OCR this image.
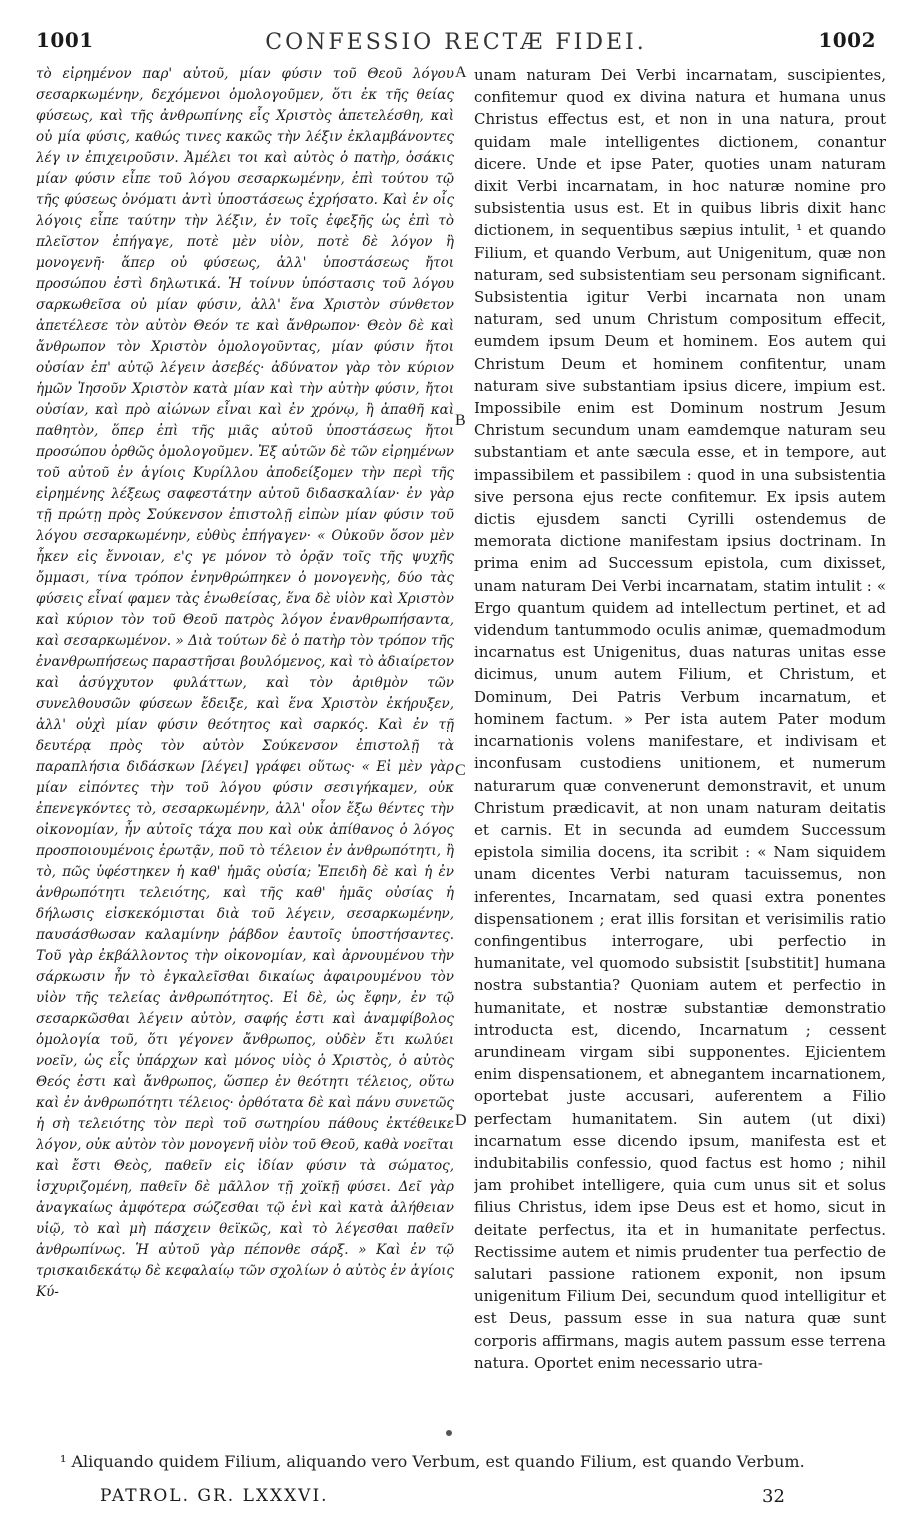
1001	CONFESSIO RECTÆ FIDEI.	1002

τὸ εἰρημένον παρ' αὐτοῦ, μίαν φύσιν τοῦ Θεοῦ λόγου σεσαρκωμένην, δεχόμενοι ὁμολογοῦμεν, ὅτι ἐκ τῆς θείας φύσεως, καὶ τῆς ἀνθρωπίνης εἷς Χριστὸς ἀπετελέσθη, καὶ οὐ μία φύσις, καθώς τινες κακῶς τὴν λέξιν ἐκλαμβάνοντες λέγ ιν ἐπιχειροῦσιν. Ἀμέλει τοι καὶ αὐτὸς ὁ πατὴρ, ὁσάκις μίαν φύσιν εἶπε τοῦ λόγου σεσαρκωμένην, ἐπὶ τούτου τῷ τῆς φύσεως ὀνόματι ἀντὶ ὑποστάσεως ἐχρήσατο. Καὶ ἐν οἷς λόγοις εἶπε ταύτην τὴν λέξιν, ἐν τοῖς ἐφεξῆς ὡς ἐπὶ τὸ πλεῖστον ἐπήγαγε, ποτὲ μὲν υἱὸν, ποτὲ δὲ λόγον ἢ μονογενῆ· ἅπερ οὐ φύσεως, ἀλλ' ὑποστάσεως ἤτοι προσώπου ἐστὶ δηλωτικά. Ἡ τοίνυν ὑπόστασις τοῦ λόγου σαρκωθεῖσα οὐ μίαν φύσιν, ἀλλ' ἕνα Χριστὸν σύνθετον ἀπετέλεσε τὸν αὐτὸν Θεόν τε καὶ ἄνθρωπον· Θεὸν δὲ καὶ ἄνθρωπον τὸν Χριστὸν ὁμολογοῦντας, μίαν φύσιν ἤτοι οὐσίαν ἐπ' αὐτῷ λέγειν ἀσεβές· ἀδύνατον γὰρ τὸν κύριον ἡμῶν Ἰησοῦν Χριστὸν κατὰ μίαν καὶ τὴν αὐτὴν φύσιν, ἤτοι οὐσίαν, καὶ πρὸ αἰώνων εἶναι καὶ ἐν χρόνῳ, ἢ ἀπαθῆ καὶ παθητὸν, ὅπερ ἐπὶ τῆς μιᾶς αὐτοῦ ὑποστάσεως ἤτοι προσώπου ὀρθῶς ὁμολογοῦμεν. Ἐξ αὐτῶν δὲ τῶν εἰρημένων τοῦ αὐτοῦ ἐν ἁγίοις Κυρίλλου ἀποδείξομεν τὴν περὶ τῆς εἰρημένης λέξεως σαφεστάτην αὐτοῦ διδασκαλίαν· ἐν γὰρ τῇ πρώτῃ πρὸς Σούκενσον ἐπιστολῇ εἰπὼν μίαν φύσιν τοῦ λόγου σεσαρκωμένην, εὐθὺς ἐπήγαγεν· « Οὐκοῦν ὅσον μὲν ἧκεν εἰς ἔννοιαν, ε'ς γε μόνον τὸ ὁρᾷν τοῖς τῆς ψυχῆς ὄμμασι, τίνα τρόπον ἐνηνθρώπηκεν ὁ μονογενὴς, δύο τὰς φύσεις εἶναί φαμεν τὰς ἑνωθείσας, ἕνα δὲ υἱὸν καὶ Χριστὸν καὶ κύριον τὸν τοῦ Θεοῦ πατρὸς λόγον ἐνανθρωπήσαντα, καὶ σεσαρκωμένον. » Διὰ τούτων δὲ ὁ πατὴρ τὸν τρόπον τῆς ἐνανθρωπήσεως παραστῆσαι βουλόμενος, καὶ τὸ ἀδιαίρετον καὶ ἀσύγχυτον φυλάττων, καὶ τὸν ἀριθμὸν τῶν συνελθουσῶν φύσεων ἔδειξε, καὶ ἕνα Χριστὸν ἐκήρυξεν, ἀλλ' οὐχὶ μίαν φύσιν θεότητος καὶ σαρκός. Καὶ ἐν τῇ δευτέρᾳ πρὸς τὸν αὐτὸν Σούκενσον ἐπιστολῇ τὰ παραπλήσια διδάσκων [λέγει] γράφει οὕτως· « Εἰ μὲν γὰρ μίαν εἰπόντες τὴν τοῦ λόγου φύσιν σεσιγήκαμεν, οὐκ ἐπενεγκόντες τὸ, σεσαρκωμένην, ἀλλ' οἷον ἔξω θέντες τὴν οἰκονομίαν, ἦν αὐτοῖς τάχα που καὶ οὐκ ἀπίθανος ὁ λόγος προσποιουμένοις ἐρωτᾷν, ποῦ τὸ τέλειον ἐν ἀνθρωπότητι, ἢ τὸ, πῶς ὑφέστηκεν ἡ καθ' ἡμᾶς οὐσία; Ἐπειδὴ δὲ καὶ ἡ ἐν ἀνθρωπότητι τελειότης, καὶ τῆς καθ' ἡμᾶς οὐσίας ἡ δήλωσις εἰσκεκόμισται διὰ τοῦ λέγειν, σεσαρκωμένην, παυσάσθωσαν καλαμίνην ῥάβδον ἑαυτοῖς ὑποστήσαντες. Τοῦ γὰρ ἐκβάλλοντος τὴν οἰκονομίαν, καὶ ἀρνουμένου τὴν σάρκωσιν ἦν τὸ ἐγκαλεῖσθαι δικαίως ἀφαιρουμένου τὸν υἱὸν τῆς τελείας ἀνθρωπότητος. Εἰ δὲ, ὡς ἔφην, ἐν τῷ σεσαρκῶσθαι λέγειν αὐτὸν, σαφής ἐστι καὶ ἀναμφίβολος ὁμολογία τοῦ, ὅτι γέγονεν ἄνθρωπος, οὐδὲν ἔτι κωλύει νοεῖν, ὡς εἷς ὑπάρχων καὶ μόνος υἱὸς ὁ Χριστὸς, ὁ αὐτὸς Θεός ἐστι καὶ ἄνθρωπος, ὥσπερ ἐν θεότητι τέλειος, οὕτω καὶ ἐν ἀνθρωπότητι τέλειος· ὀρθότατα δὲ καὶ πάνυ συνετῶς ἡ σὴ τελειότης τὸν περὶ τοῦ σωτηρίου πάθους ἐκτέθεικε λόγον, οὐκ αὐτὸν τὸν μονογενῆ υἱὸν τοῦ Θεοῦ, καθὰ νοεῖται καὶ ἔστι Θεὸς, παθεῖν εἰς ἰδίαν φύσιν τὰ σώματος, ἰσχυριζομένη, παθεῖν δὲ μᾶλλον τῇ χοϊκῇ φύσει. Δεῖ γὰρ ἀναγκαίως ἀμφότερα σώζεσθαι τῷ ἑνὶ καὶ κατὰ ἀλήθειαν υἱῷ, τὸ καὶ μὴ πάσχειν θεϊκῶς, καὶ τὸ λέγεσθαι παθεῖν ἀνθρωπίνως. Ἡ αὐτοῦ γὰρ πέπονθε σάρξ. » Καὶ ἐν τῷ τρισκαιδεκάτῳ δὲ κεφαλαίῳ τῶν σχολίων ὁ αὐτὸς ἐν ἁγίοις Κύ-

A
B
C
D

unam naturam Dei Verbi incarnatam, suscipientes, confitemur quod ex divina natura et humana unus Christus effectus est, et non in una natura, prout quidam male intelligentes dictionem, conantur dicere. Unde et ipse Pater, quoties unam naturam dixit Verbi incarnatam, in hoc naturæ nomine pro subsistentia usus est. Et in quibus libris dixit hanc dictionem, in sequentibus sæpius intulit, ¹ et quando Filium, et quando Verbum, aut Unigenitum, quæ non naturam, sed subsistentiam seu personam significant. Subsistentia igitur Verbi incarnata non unam naturam, sed unum Christum compositum effecit, eumdem ipsum Deum et hominem. Eos autem qui Christum Deum et hominem confitentur, unam naturam sive substantiam ipsius dicere, impium est. Impossibile enim est Dominum nostrum Jesum Christum secundum unam eamdemque naturam seu substantiam et ante sæcula esse, et in tempore, aut impassibilem et passibilem : quod in una subsistentia sive persona ejus recte confitemur. Ex ipsis autem dictis ejusdem sancti Cyrilli ostendemus de memorata dictione manifestam ipsius doctrinam. In prima enim ad Successum epistola, cum dixisset, unam naturam Dei Verbi incarnatam, statim intulit : « Ergo quantum quidem ad intellectum pertinet, et ad videndum tantummodo oculis animæ, quemadmodum incarnatus est Unigenitus, duas naturas unitas esse dicimus, unum autem Filium, et Christum, et Dominum, Dei Patris Verbum incarnatum, et hominem factum. » Per ista autem Pater modum incarnationis volens manifestare, et indivisam et inconfusam custodiens unitionem, et numerum naturarum quæ convenerunt demonstravit, et unum Christum prædicavit, at non unam naturam deitatis et carnis. Et in secunda ad eumdem Successum epistola similia docens, ita scribit : « Nam siquidem unam dicentes Verbi naturam tacuissemus, non inferentes, Incarnatam, sed quasi extra ponentes dispensationem ; erat illis forsitan et verisimilis ratio confingentibus interrogare, ubi perfectio in humanitate, vel quomodo subsistit [substitit] humana nostra substantia? Quoniam autem et perfectio in humanitate, et nostræ substantiæ demonstratio introducta est, dicendo, Incarnatum ; cessent arundineam virgam sibi supponentes. Ejicientem enim dispensationem, et abnegantem incarnationem, oportebat juste accusari, auferentem a Filio perfectam humanitatem. Sin autem (ut dixi) incarnatum esse dicendo ipsum, manifesta est et indubitabilis confessio, quod factus est homo ; nihil jam prohibet intelligere, quia cum unus sit et solus filius Christus, idem ipse Deus est et homo, sicut in deitate perfectus, ita et in humanitate perfectus. Rectissime autem et nimis prudenter tua perfectio de salutari passione rationem exponit, non ipsum unigenitum Filium Dei, secundum quod intelligitur et est Deus, passum esse in sua natura quæ sunt corporis affirmans, magis autem passum esse terrena natura. Oportet enim necessario utra-

¹ Aliquando quidem Filium, aliquando vero Verbum, est quando Filium, est quando Verbum.
PATROL. GR. LXXXVI.	32
